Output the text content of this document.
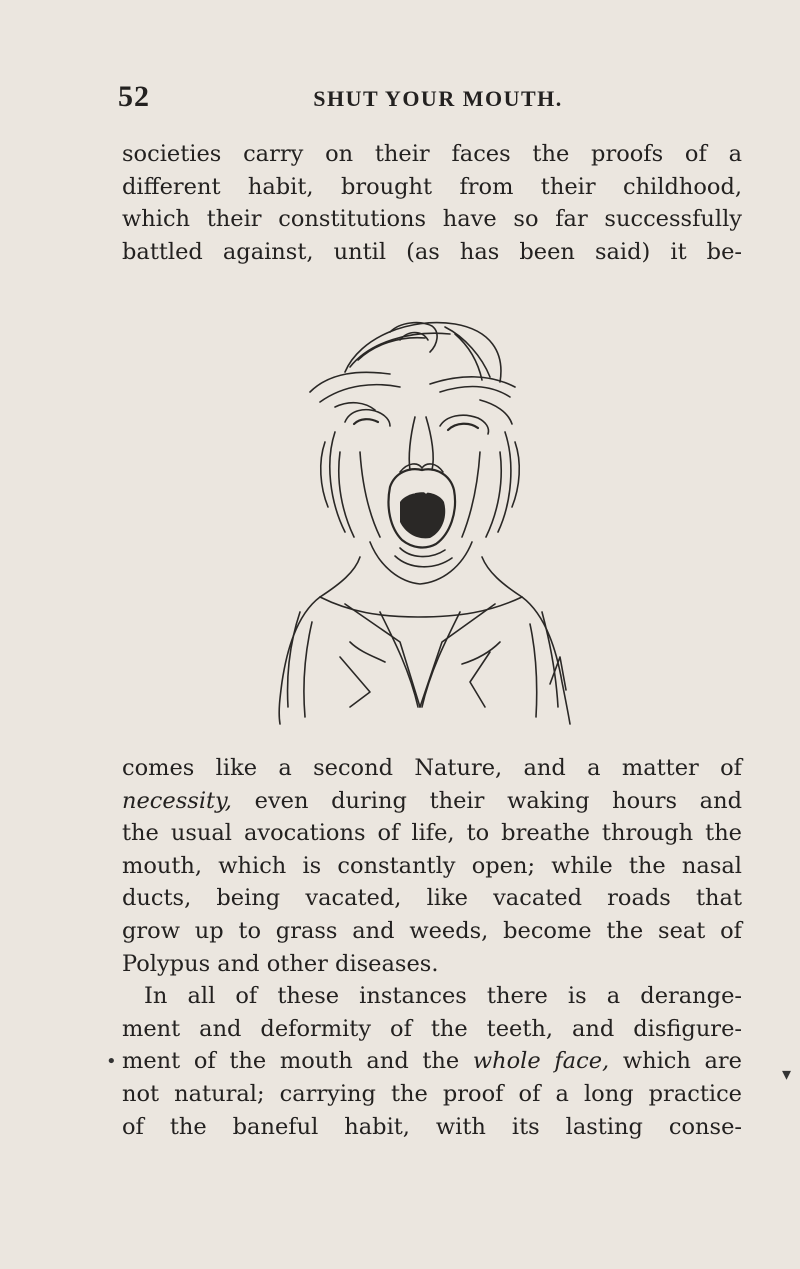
52	SHUT YOUR MOUTH.
societies carry on their faces the proofs of a
different habit, brought from their childhood,
which their constitutions have so far successfully
battled against, until (as has been said) it be-
comes like a second Nature, and a matter of
necessity, even during their waking hours and
the usual avocations of life, to breathe through the
mouth, which is constantly open; while the nasal
ducts, being vacated, like vacated roads that
grow up to grass and weeds, become the seat of
Polypus and other diseases.
In all of these instances there is a derange-
ment and deformity of the teeth, and disfigure-
ment of the mouth and the whole face, which are
not natural; carrying the proof of a long practice
of the baneful habit, with its lasting conse-
•
▾
